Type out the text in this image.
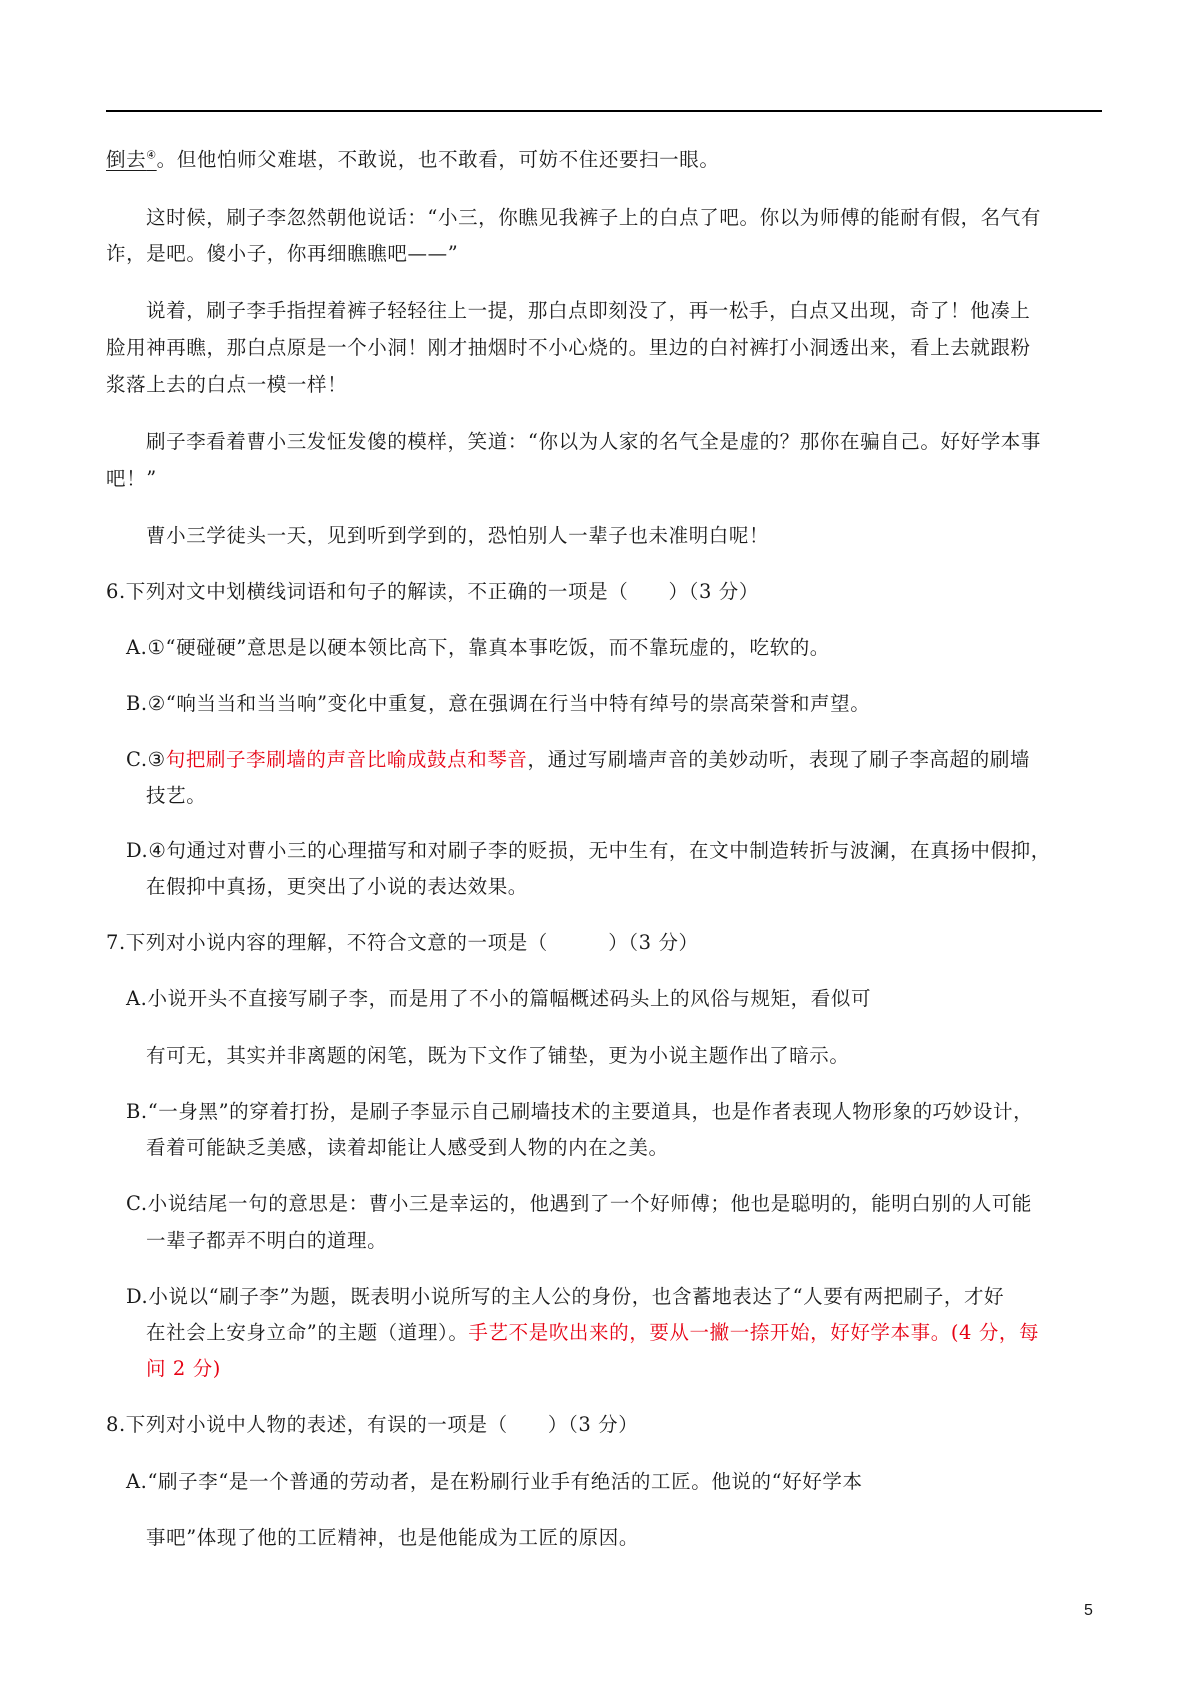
倒去④。但他怕师父难堪，不敢说，也不敢看，可妨不住还要扫一眼。
这时候，刷子李忽然朝他说话：“小三，你瞧见我裤子上的白点了吧。你以为师傅的能耐有假，名气有
诈，是吧。傻小子，你再细瞧瞧吧——”
说着，刷子李手指捏着裤子轻轻往上一提，那白点即刻没了，再一松手，白点又出现，奇了！他凑上
脸用神再瞧，那白点原是一个小洞！刚才抽烟时不小心烧的。里边的白衬裤打小洞透出来，看上去就跟粉
浆落上去的白点一模一样！
刷子李看着曹小三发怔发傻的模样，笑道：“你以为人家的名气全是虚的？那你在骗自己。好好学本事
吧！”
曹小三学徒头一天，见到听到学到的，恐怕别人一辈子也未准明白呢！
6.下列对文中划横线词语和句子的解读，不正确的一项是（　　）（3 分）
A.①“硬碰硬”意思是以硬本领比高下，靠真本事吃饭，而不靠玩虚的，吃软的。
B.②“响当当和当当响”变化中重复，意在强调在行当中特有绰号的崇高荣誉和声望。
C.③句把刷子李刷墙的声音比喻成鼓点和琴音，通过写刷墙声音的美妙动听，表现了刷子李高超的刷墙
技艺。
D.④句通过对曹小三的心理描写和对刷子李的贬损，无中生有，在文中制造转折与波澜，在真扬中假抑，
在假抑中真扬，更突出了小说的表达效果。
7.下列对小说内容的理解，不符合文意的一项是（　　　）（3 分）
A.小说开头不直接写刷子李，而是用了不小的篇幅概述码头上的风俗与规矩，看似可
有可无，其实并非离题的闲笔，既为下文作了铺垫，更为小说主题作出了暗示。
B.“一身黑”的穿着打扮，是刷子李显示自己刷墙技术的主要道具，也是作者表现人物形象的巧妙设计，
看着可能缺乏美感，读着却能让人感受到人物的内在之美。
C.小说结尾一句的意思是：曹小三是幸运的，他遇到了一个好师傅；他也是聪明的，能明白别的人可能
一辈子都弄不明白的道理。
D.小说以“刷子李”为题，既表明小说所写的主人公的身份，也含蓄地表达了“人要有两把刷子，才好
在社会上安身立命”的主题（道理）。手艺不是吹出来的，要从一撇一捺开始，好好学本事。(4 分，每
问 2 分)
8.下列对小说中人物的表述，有误的一项是（　　）（3 分）
A.“刷子李“是一个普通的劳动者，是在粉刷行业手有绝活的工匠。他说的“好好学本
事吧”体现了他的工匠精神，也是他能成为工匠的原因。
5
